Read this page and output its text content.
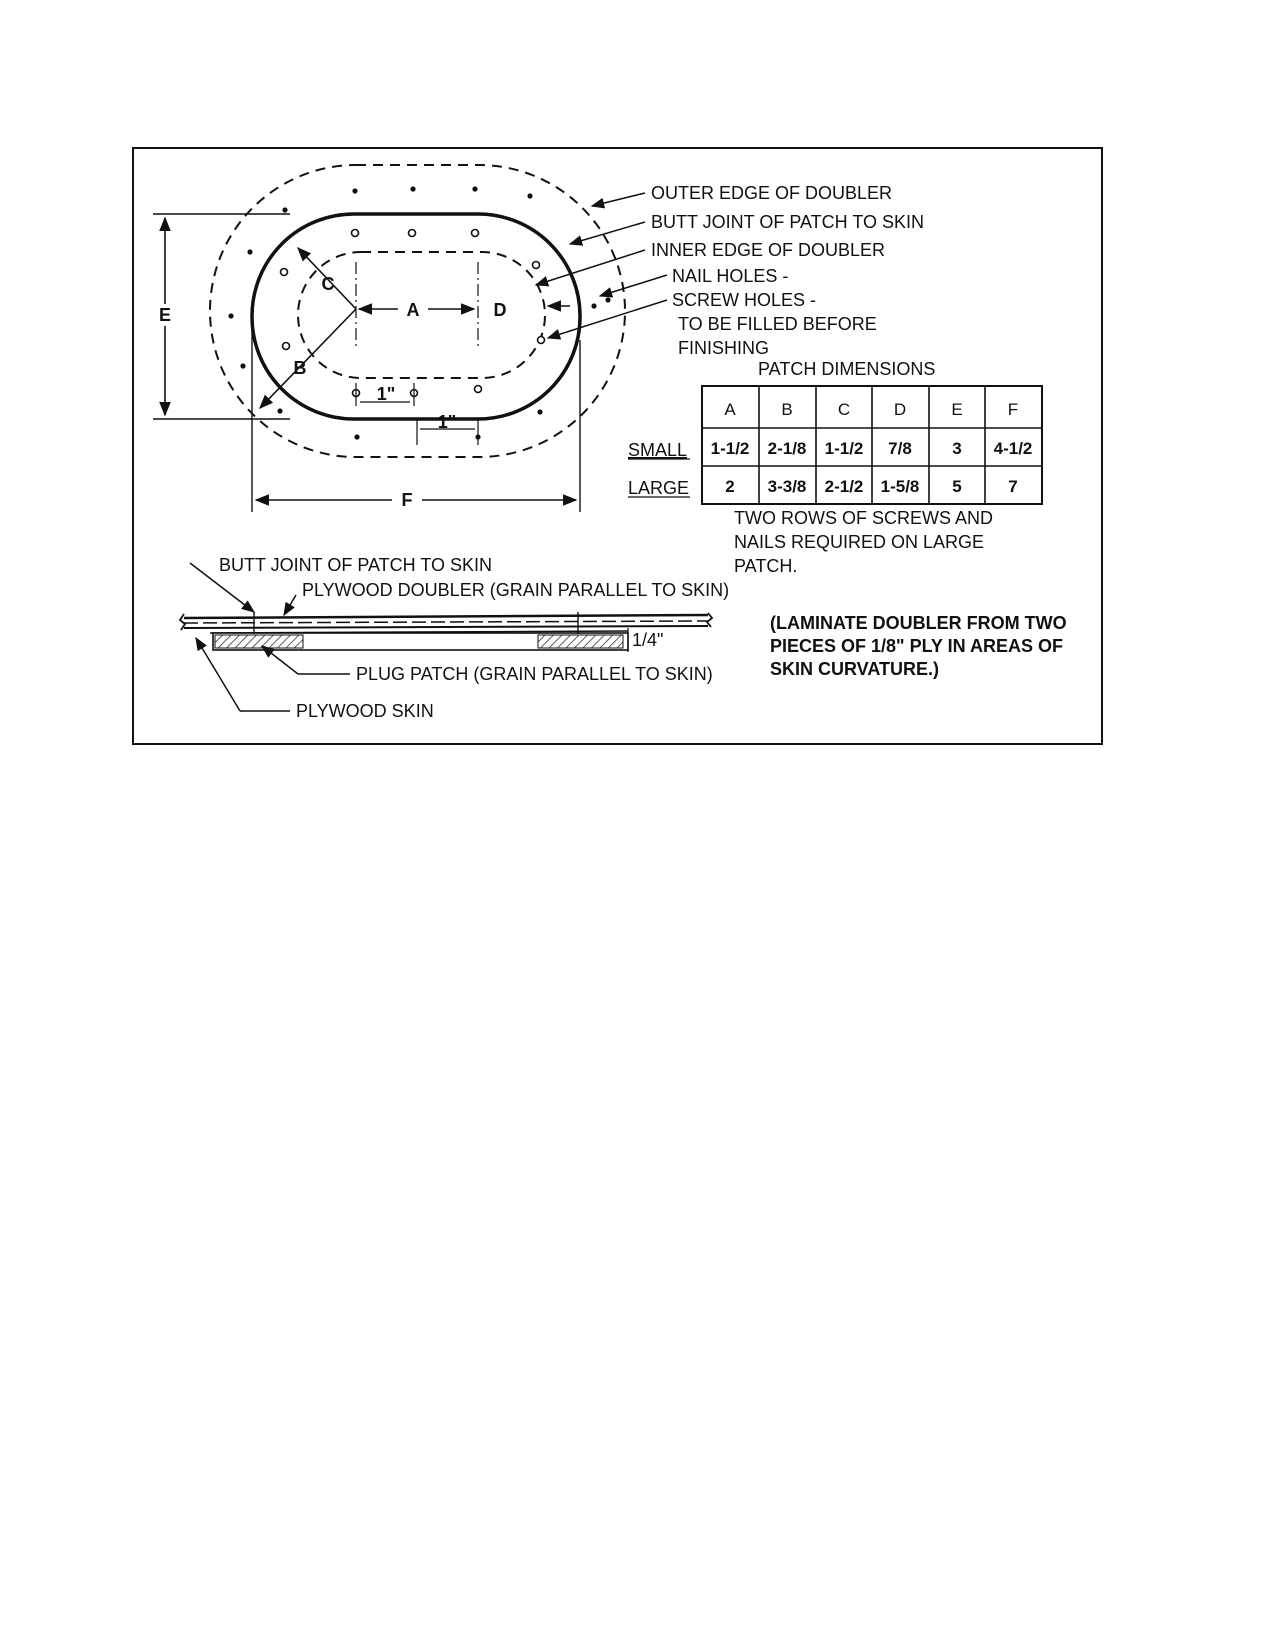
A	D
C
B
E
F
1"
1"
OUTER EDGE OF DOUBLER
BUTT JOINT OF PATCH TO SKIN
INNER EDGE OF DOUBLER
NAIL HOLES -
SCREW HOLES -
TO BE FILLED BEFORE
FINISHING
PATCH DIMENSIONS
A	B	C	D	E	F
SMALL
LARGE
1-1/2 2-1/8 1-1/2 7/8 3 4-1/2
2 3-3/8 2-1/2 1-5/8 5	7
TWO ROWS OF SCREWS AND
NAILS REQUIRED ON LARGE
PATCH.
1/4"
BUTT JOINT OF PATCH TO SKIN
PLYWOOD DOUBLER (GRAIN PARALLEL TO SKIN)
PLUG PATCH (GRAIN PARALLEL TO SKIN)
PLYWOOD SKIN
(LAMINATE DOUBLER FROM TWO
PIECES OF 1/8" PLY IN AREAS OF
SKIN CURVATURE.)
